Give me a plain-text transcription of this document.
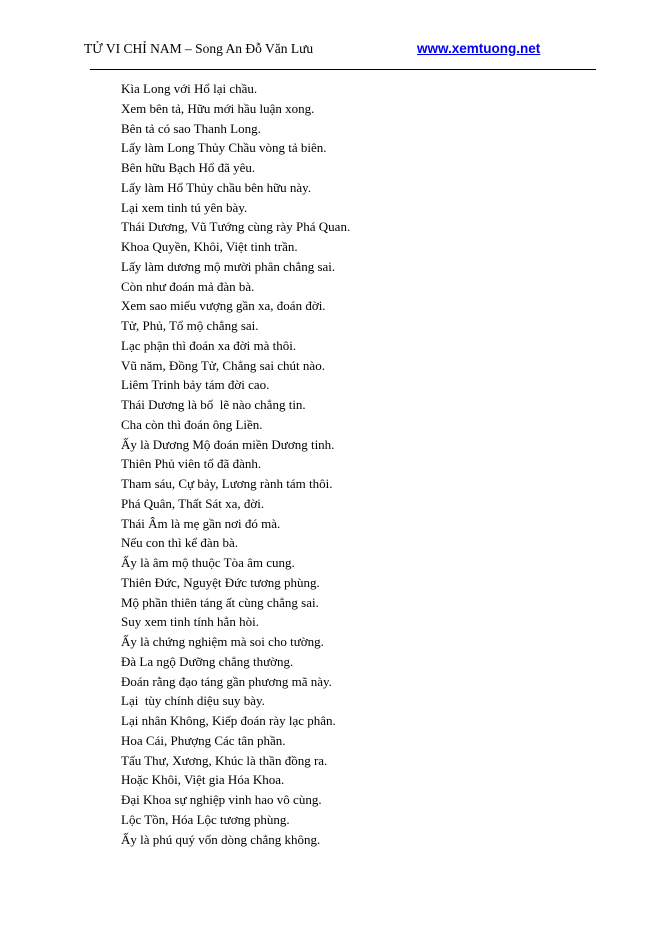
TỬ VI CHỈ NAM – Song An Đỗ Văn Lưu	www.xemtuong.net
Kìa Long với Hổ lại chầu.
Xem bên tả, Hữu mới hầu luận xong.
Bên tả có sao Thanh Long.
Lấy làm Long Thủy Chầu vòng tả biên.
Bên hữu Bạch Hổ đã yêu.
Lấy làm Hổ Thủy chầu bên hữu này.
Lại xem tinh tú yên bày.
Thái Dương, Vũ Tướng cùng rày Phá Quan.
Khoa Quyền, Khôi, Việt tinh trần.
Lấy làm dương mộ mười phân chẳng sai.
Còn như đoán mả đàn bà.
Xem sao miếu vượng gần xa, đoán đời.
Tử, Phủ, Tổ mộ chẳng sai.
Lạc phận thì đoán xa đời mà thôi.
Vũ năm, Đồng Tử, Chẳng sai chút nào.
Liêm Trinh bảy tám đời cao.
Thái Dương là bố  lẽ nào chẳng tin.
Cha còn thì đoán ông Liền.
Ấy là Dương Mộ đoán miền Dương tinh.
Thiên Phủ viên tổ đã đành.
Tham sáu, Cự bảy, Lương rành tám thôi.
Phá Quân, Thất Sát xa, đời.
Thái Âm là mẹ gần nơi đó mà.
Nếu con thì kể đàn bà.
Ấy là âm mộ thuộc Tòa âm cung.
Thiên Đức, Nguyệt Đức tương phùng.
Mộ phần thiên táng ất cùng chẳng sai.
Suy xem tinh tính hẳn hòi.
Ấy là chứng nghiệm mà soi cho tường.
Đà La ngộ Dưỡng chẳng thường.
Đoán rằng đạo táng gần phương mã này.
Lại  tùy chính diệu suy bày.
Lại nhân Không, Kiếp đoán rày lạc phân.
Hoa Cái, Phượng Các tân phần.
Tấu Thư, Xương, Khúc là thần đồng ra.
Hoặc Khôi, Việt gia Hóa Khoa.
Đại Khoa sự nghiệp vinh hao vô cùng.
Lộc Tồn, Hóa Lộc tương phùng.
Ấy là phú quý vốn dòng chẳng không.
